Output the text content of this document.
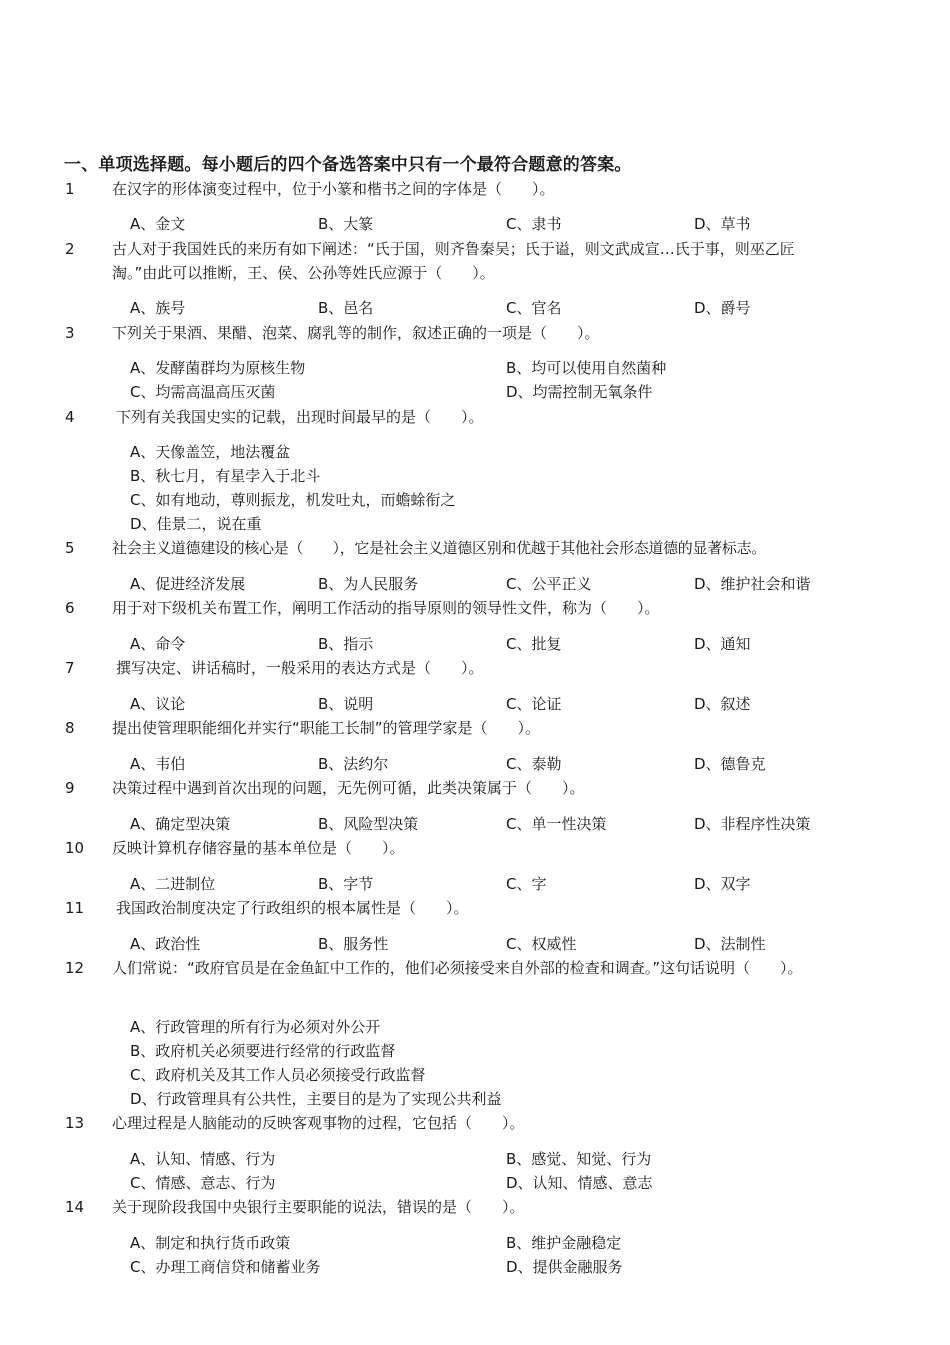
一、单项选择题。每小题后的四个备选答案中只有一个最符合题意的答案。
1 在汉字的形体演变过程中，位于小篆和楷书之间的字体是（　　）。
A、金文	B、大篆	C、隶书	D、草书
2 古人对于我国姓氏的来历有如下阐述：“氏于国，则齐鲁秦吴；氏于谥，则文武成宣…氏于事，则巫乙匠淘。”由此可以推断，王、侯、公孙等姓氏应源于（　　）。
A、族号	B、邑名	C、官名	D、爵号
3 下列关于果酒、果醋、泡菜、腐乳等的制作，叙述正确的一项是（　　）。
A、发酵菌群均为原核生物	B、均可以使用自然菌种
C、均需高温高压灭菌	D、均需控制无氧条件
4	下列有关我国史实的记载，出现时间最早的是（　　）。
A、天像盖笠，地法覆盆
B、秋七月，有星孛入于北斗
C、如有地动，尊则振龙，机发吐丸，而蟾蜍衔之
D、佳景二，说在重
5 社会主义道德建设的核心是（　　），它是社会主义道德区别和优越于其他社会形态道德的显著标志。
A、促进经济发展	B、为人民服务	C、公平正义	D、维护社会和谐
6 用于对下级机关布置工作，阐明工作活动的指导原则的领导性文件，称为（　　）。
A、命令	B、指示	C、批复	D、通知
7	撰写决定、讲话稿时，一般采用的表达方式是（　　）。
A、议论	B、说明	C、论证	D、叙述
8 提出使管理职能细化并实行“职能工长制”的管理学家是（　　）。
A、韦伯	B、法约尔	C、泰勒	D、德鲁克
9 决策过程中遇到首次出现的问题，无先例可循，此类决策属于（　　）。
A、确定型决策	B、风险型决策	C、单一性决策	D、非程序性决策
10 反映计算机存储容量的基本单位是（　　）。
A、二进制位	B、字节	C、字	D、双字
11 我国政治制度决定了行政组织的根本属性是（　　）。
A、政治性	B、服务性	C、权威性	D、法制性
12 人们常说：“政府官员是在金鱼缸中工作的，他们必须接受来自外部的检查和调查。”这句话说明（　　）。
A、行政管理的所有行为必须对外公开
B、政府机关必须要进行经常的行政监督
C、政府机关及其工作人员必须接受行政监督
D、行政管理具有公共性，主要目的是为了实现公共利益
13 心理过程是人脑能动的反映客观事物的过程，它包括（　　）。
A、认知、情感、行为	B、感觉、知觉、行为
C、情感、意志、行为	D、认知、情感、意志
14 关于现阶段我国中央银行主要职能的说法，错误的是（　　）。
A、制定和执行货币政策	B、维护金融稳定
C、办理工商信贷和储蓄业务	D、提供金融服务
